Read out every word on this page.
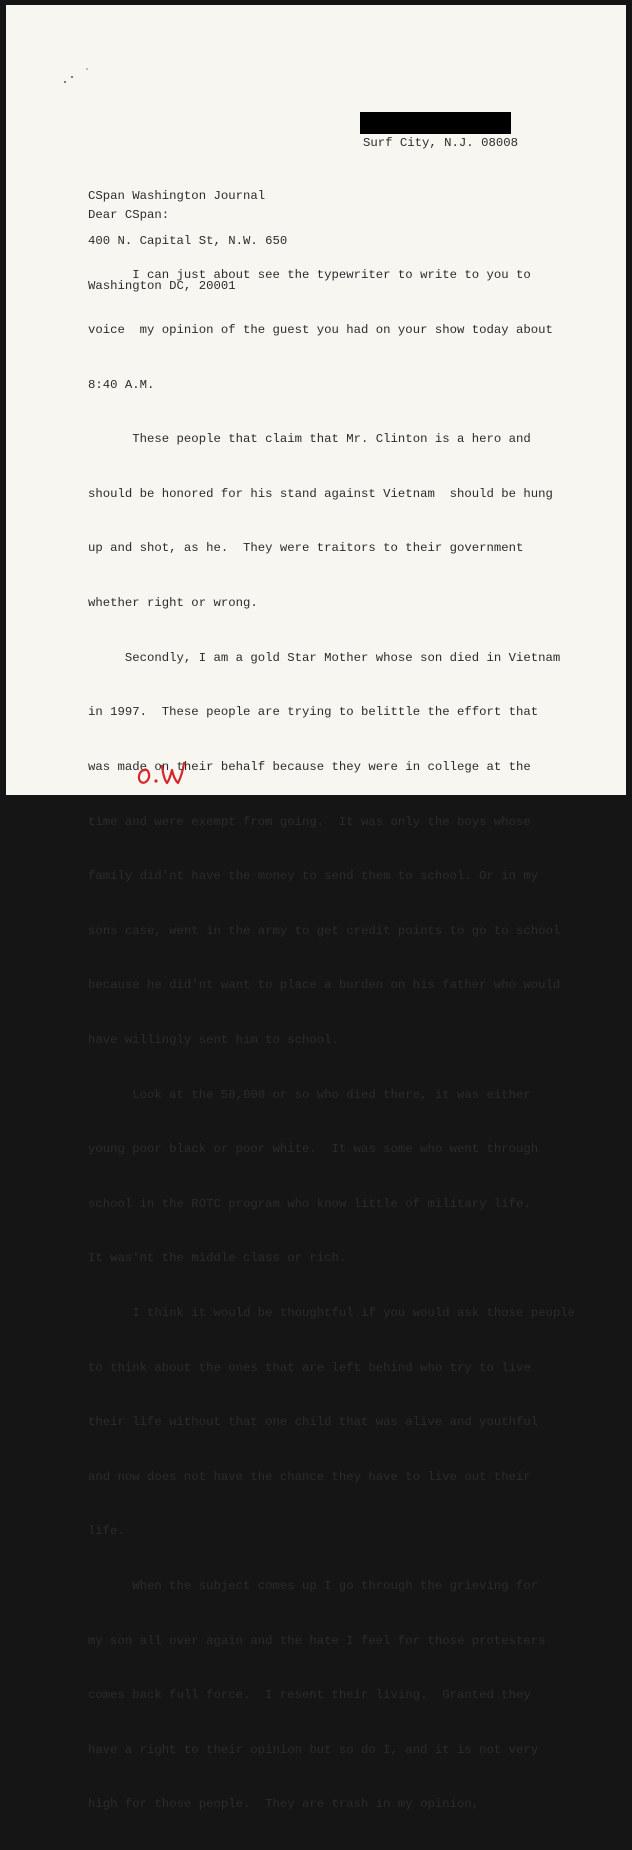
Surf City, N.J. 08008

CSpan Washington Journal

400 N. Capital St, N.W. 650

Washington DC, 20001

Dear CSpan:

I can just about see the typewriter to write to you to

voice  my opinion of the guest you had on your show today about

8:40 A.M.

These people that claim that Mr. Clinton is a hero and

should be honored for his stand against Vietnam  should be hung

up and shot, as he.  They were traitors to their government

whether right or wrong.

Secondly, I am a gold Star Mother whose son died in Vietnam

in 1997.  These people are trying to belittle the effort that

was made on their behalf because they were in college at the

time and were exempt from going.  It was only the boys whose

family did'nt have the money to send them to school. Or in my

sons case, went in the army to get credit points to go to school

because he did'nt want to place a burden on his father who would

have willingly sent him to school.

Look at the 58,000 or so who died there, it was either

young poor black or poor white.  It was some who went through

school in the ROTC program who know little of military life.

It was'nt the middle class or rich.

I think it would be thoughtful if you would ask those people

to think about the ones that are left behind who try to live

their life without that one child that was alive and youthful

and now does not have the chance they have to live out their

life.

When the subject comes up I go through the grieving for

my son all over again and the hate I feel for those protesters

comes back full force.  I resent their living.  Granted they

have a right to their opinion but so do I, and it is not very

high for those people.  They are trash in my opinion,
